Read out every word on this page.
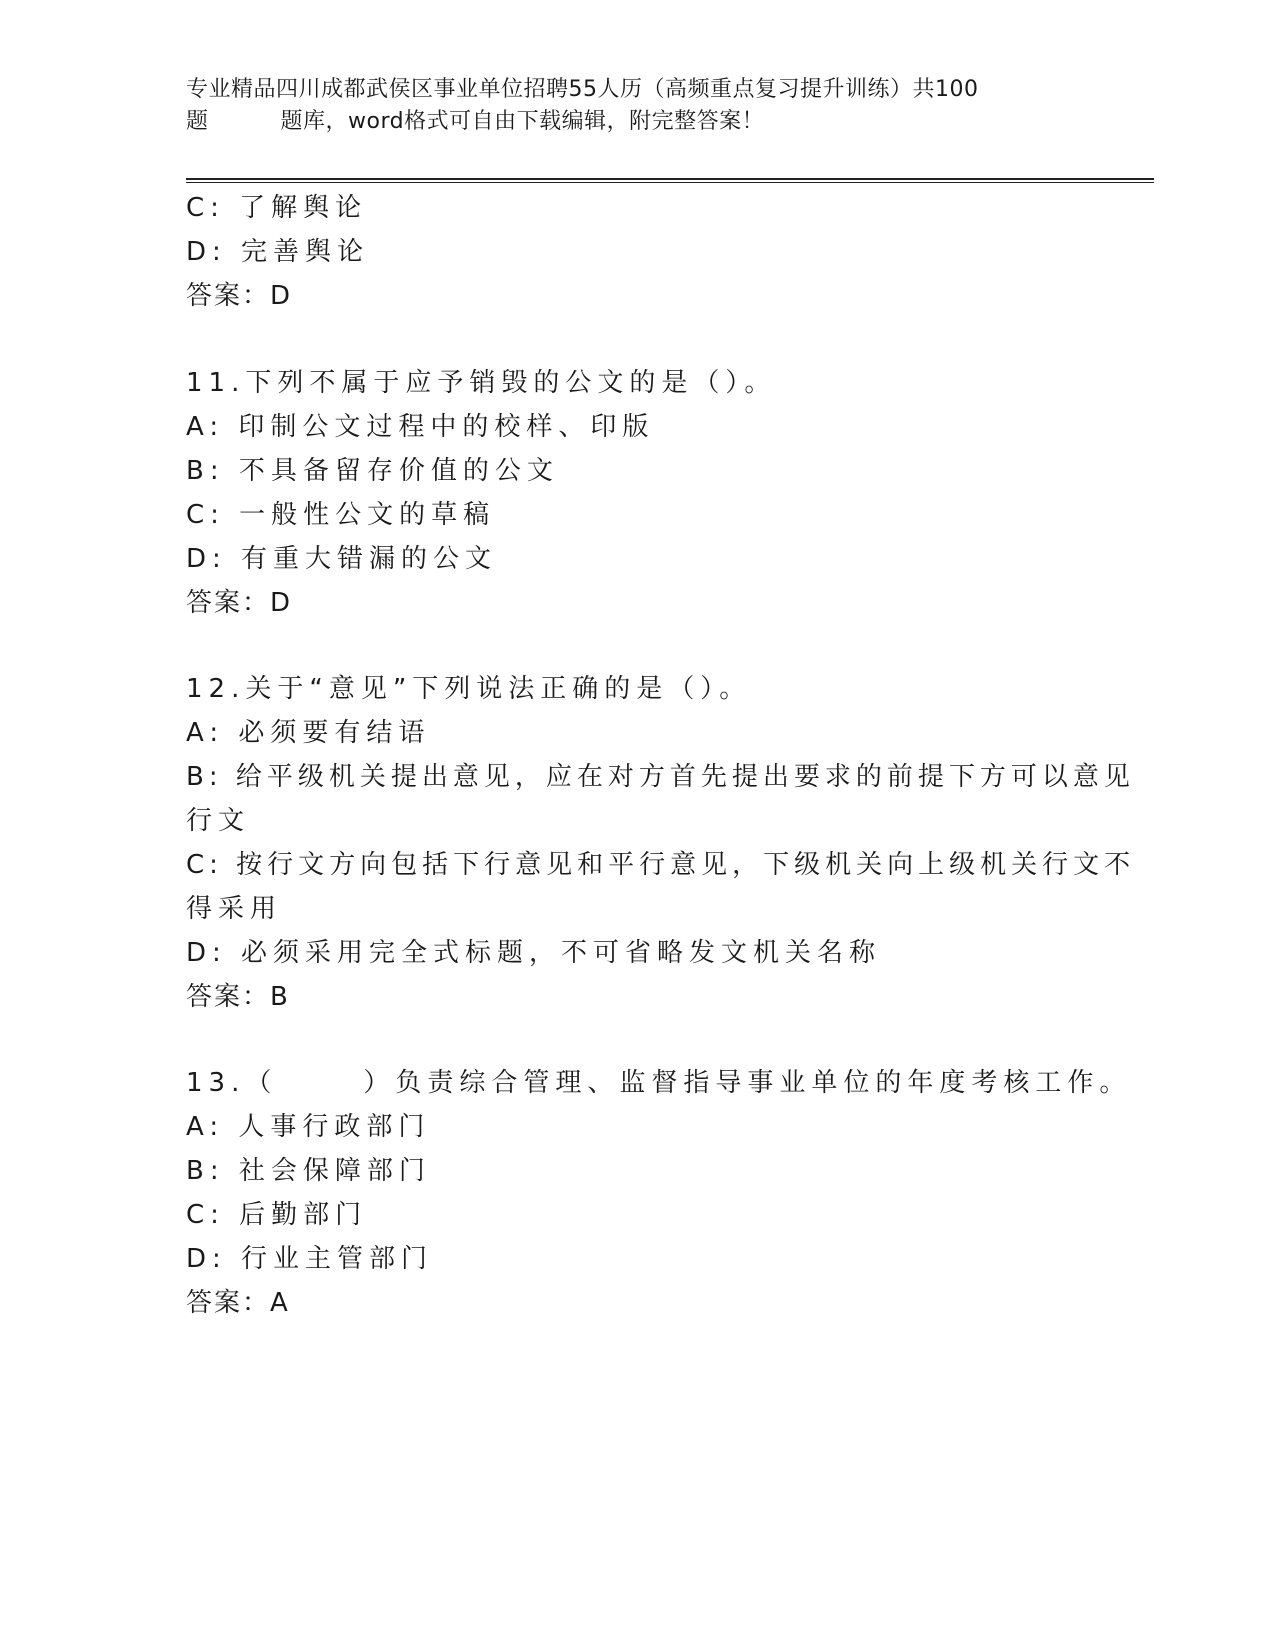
专业精品四川成都武侯区事业单位招聘55人历（高频重点复习提升训练）共100
题	题库，word格式可自由下载编辑，附完整答案！
C: 了解舆论
D: 完善舆论
答案：D
11.下列不属于应予销毁的公文的是（）。
A: 印制公文过程中的校样、印版
B: 不具备留存价值的公文
C: 一般性公文的草稿
D: 有重大错漏的公文
答案：D
12.关于“意见”下列说法正确的是（）。
A: 必须要有结语
B: 给平级机关提出意见，应在对方首先提出要求的前提下方可以意见
行文
C: 按行文方向包括下行意见和平行意见，下级机关向上级机关行文不
得采用
D: 必须采用完全式标题，不可省略发文机关名称
答案：B
13.（	）负责综合管理、监督指导事业单位的年度考核工作。
A: 人事行政部门
B: 社会保障部门
C: 后勤部门
D: 行业主管部门
答案：A
